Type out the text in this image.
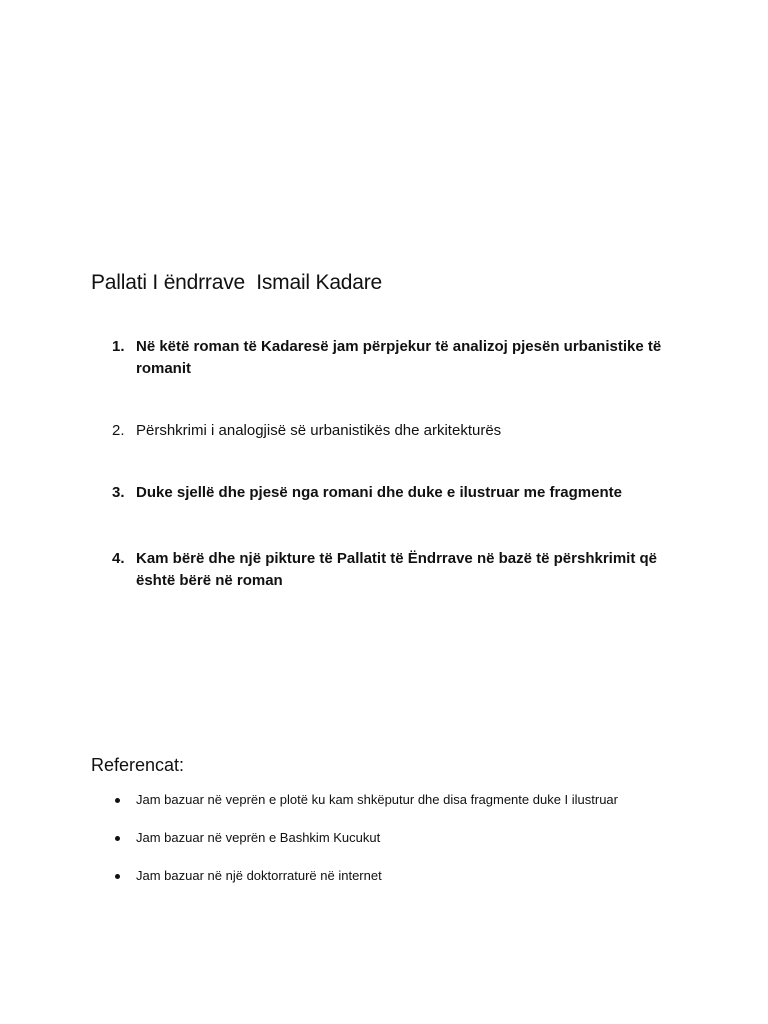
Pallati I ëndrrave  Ismail Kadare
1. Në këtë roman të Kadaresë jam përpjekur të analizoj pjesën urbanistike të romanit
2. Përshkrimi i analogjisë së urbanistikës dhe arkitekturës
3. Duke sjellë dhe pjesë nga romani dhe duke e ilustruar me fragmente
4. Kam bërë dhe një pikture të Pallatit të Ëndrrave në bazë të përshkrimit që është bërë në roman
Referencat:
Jam bazuar në veprën e plotë ku kam shkëputur dhe disa fragmente duke I ilustruar
Jam bazuar në veprën e Bashkim Kucukut
Jam bazuar në një doktorraturë në internet
